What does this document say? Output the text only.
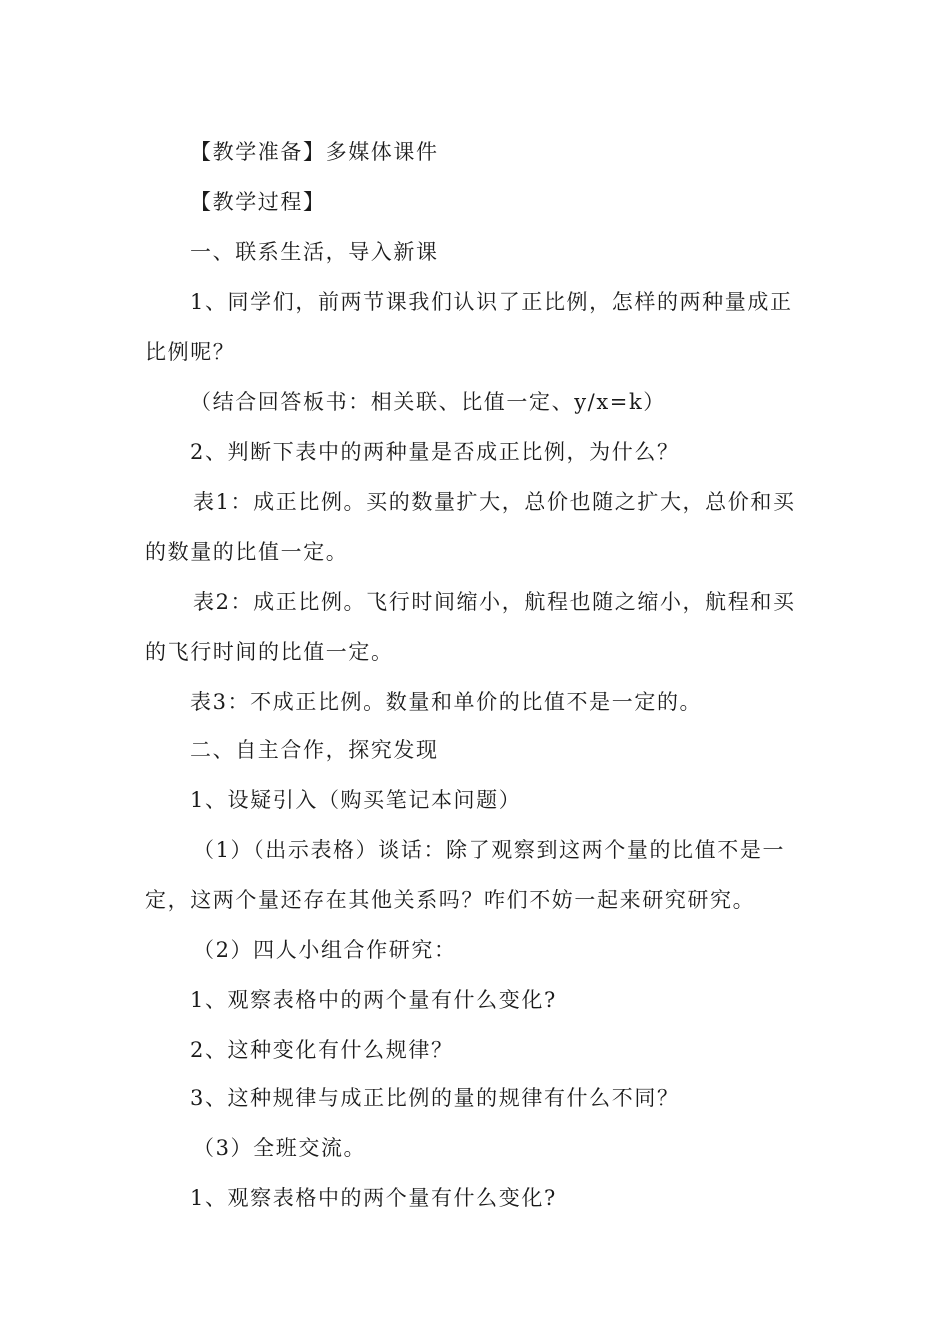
【教学准备】多媒体课件

【教学过程】

一、联系生活，导入新课

1、同学们，前两节课我们认识了正比例，怎样的两种量成正比例呢？

（结合回答板书：相关联、比值一定、y/x=k）

2、判断下表中的两种量是否成正比例，为什么？

表1：成正比例。买的数量扩大，总价也随之扩大，总价和买的数量的比值一定。

表2：成正比例。飞行时间缩小，航程也随之缩小，航程和买的飞行时间的比值一定。

表3：不成正比例。数量和单价的比值不是一定的。

二、自主合作，探究发现

1、设疑引入（购买笔记本问题）

（1）（出示表格）谈话：除了观察到这两个量的比值不是一定，这两个量还存在其他关系吗？咋们不妨一起来研究研究。

（2）四人小组合作研究：

1、观察表格中的两个量有什么变化?

2、这种变化有什么规律？

3、这种规律与成正比例的量的规律有什么不同？

（3）全班交流。

1、观察表格中的两个量有什么变化?
